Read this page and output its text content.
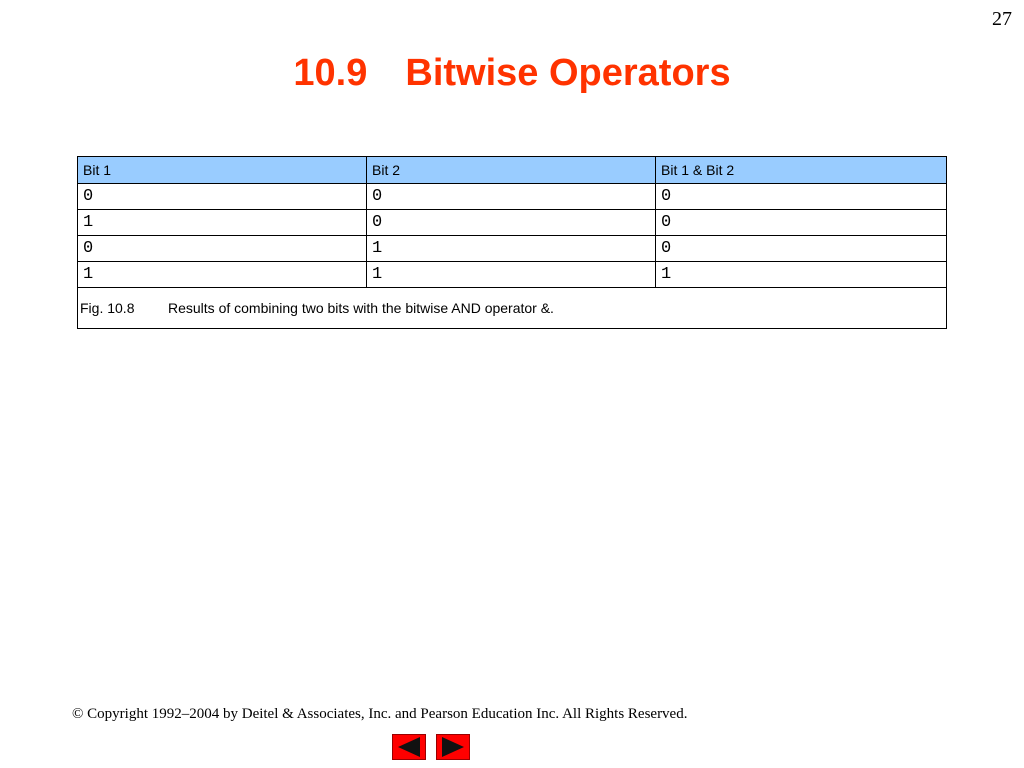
27
10.9 Bitwise Operators
Bit 1	Bit 2	Bit 1 & Bit 2
0	0	0
1	0	0
0	1	0
1	1	1
Fig. 10.8 Results of combining two bits with the bitwise AND operator &.		
© Copyright 1992–2004 by Deitel & Associates, Inc. and Pearson Education Inc. All Rights Reserved.
